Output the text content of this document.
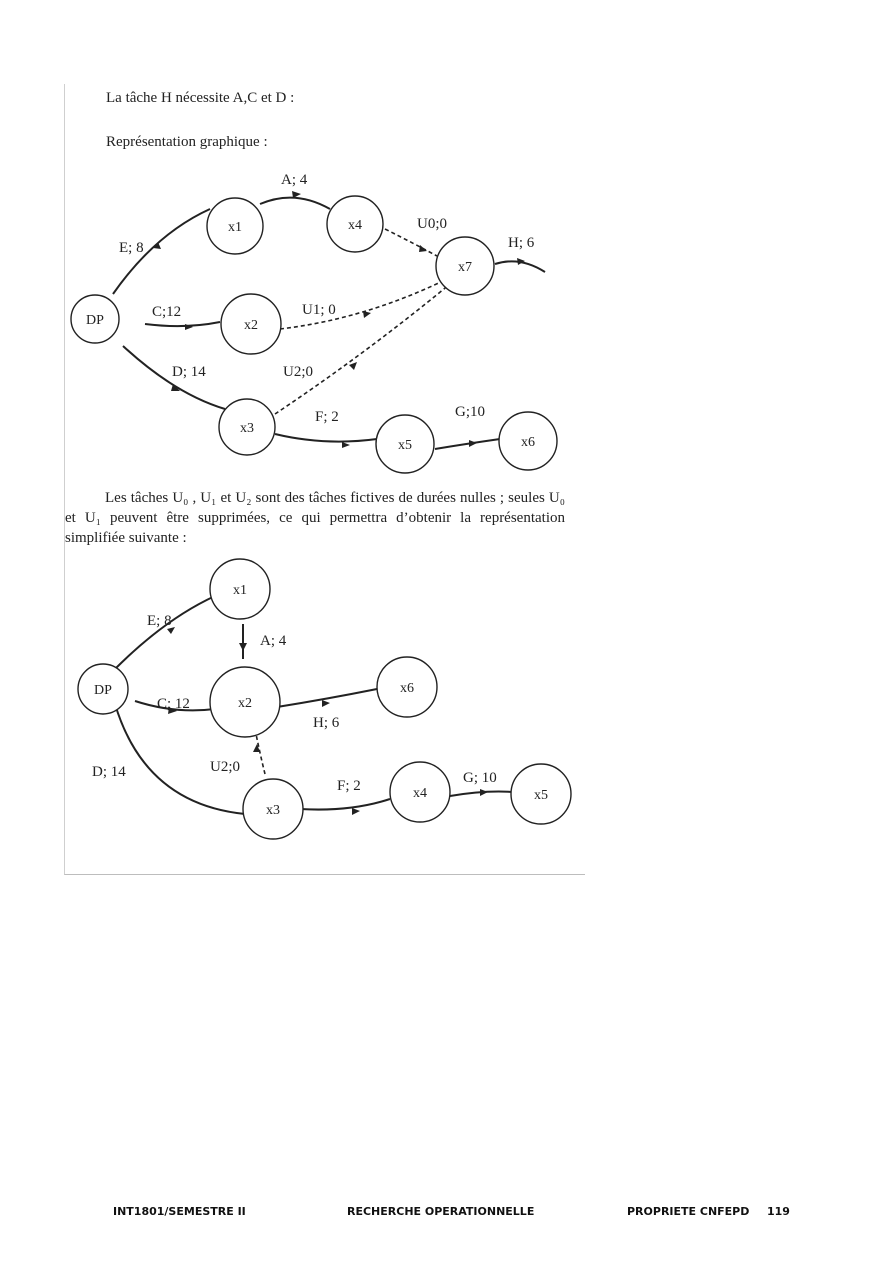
La tâche H nécessite A,C et D :
Représentation graphique :
DP
x1	x4
x7
x2
x3
x5	x6
E; 8
A; 4
C;12
D; 14
U0;0
U1; 0
U2;0
H; 6
F; 2	G;10
DP
x1
x2
x6
x3
x4	x5
E; 8
A; 4
C; 12
D; 14	U2;0
H; 6
F; 2	G; 10
Les tâches U₀ , U₁ et U₂ sont des tâches fictives de durées nulles ; seules U₀ et U₁ peuvent être supprimées, ce qui permettra d’obtenir la représentation simplifiée suivante :
INT1801/SEMESTRE II	RECHERCHE OPERATIONNELLE	PROPRIETE CNFEPD 119
